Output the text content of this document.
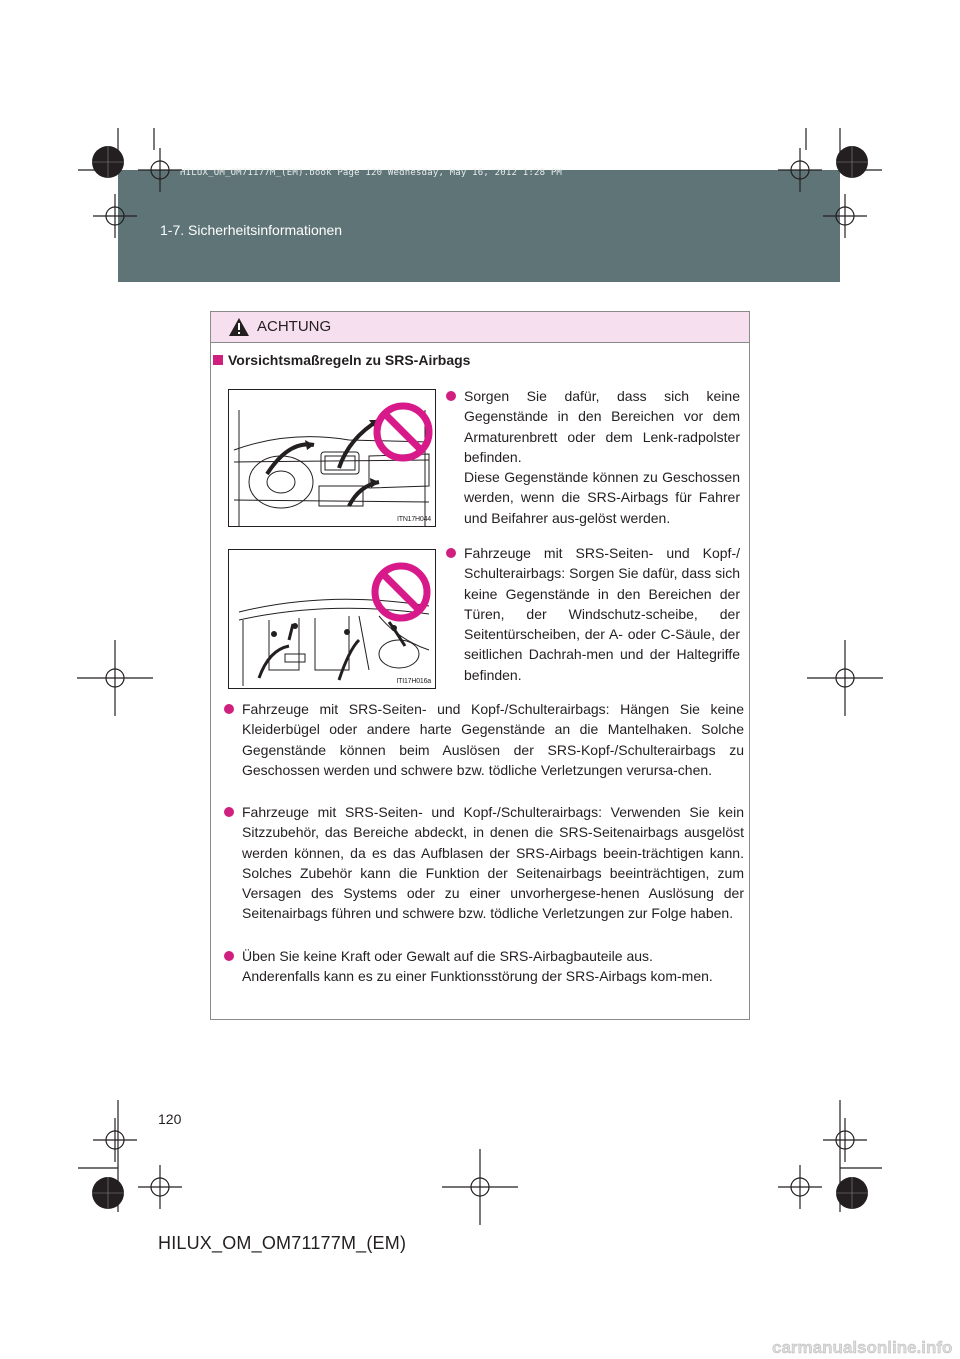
HILUX_OM_OM71177M_(EM).book Page 120 Wednesday, May 16, 2012 1:28 PM
1-7. Sicherheitsinformationen
ACHTUNG
Vorsichtsmaßregeln zu SRS-Airbags
ITN17H044
ITI17H016a
Sorgen Sie dafür, dass sich keine Gegenstände in den Bereichen vor dem Armaturenbrett oder dem Lenk-radpolster befinden.
Diese Gegenstände können zu Geschossen werden, wenn die SRS-Airbags für Fahrer und Beifahrer aus-gelöst werden.
Fahrzeuge mit SRS-Seiten- und Kopf-/ Schulterairbags: Sorgen Sie dafür, dass sich keine Gegenstände in den Bereichen der Türen, der Windschutz-scheibe, der Seitentürscheiben, der A- oder C-Säule, der seitlichen Dachrah-men und der Haltegriffe befinden.
Fahrzeuge mit SRS-Seiten- und Kopf-/Schulterairbags: Hängen Sie keine Kleiderbügel oder andere harte Gegenstände an die Mantelhaken. Solche Gegenstände können beim Auslösen der SRS-Kopf-/Schulterairbags zu Geschossen werden und schwere bzw. tödliche Verletzungen verursa-chen.
Fahrzeuge mit SRS-Seiten- und Kopf-/Schulterairbags: Verwenden Sie kein Sitzzubehör, das Bereiche abdeckt, in denen die SRS-Seitenairbags ausgelöst werden können, da es das Aufblasen der SRS-Airbags beein-trächtigen kann. Solches Zubehör kann die Funktion der Seitenairbags beeinträchtigen, zum Versagen des Systems oder zu einer unvorhergese-henen Auslösung der Seitenairbags führen und schwere bzw. tödliche Verletzungen zur Folge haben.
Üben Sie keine Kraft oder Gewalt auf die SRS-Airbagbauteile aus.
Anderenfalls kann es zu einer Funktionsstörung der SRS-Airbags kom-men.
120
HILUX_OM_OM71177M_(EM)
carmanualsonline.info
